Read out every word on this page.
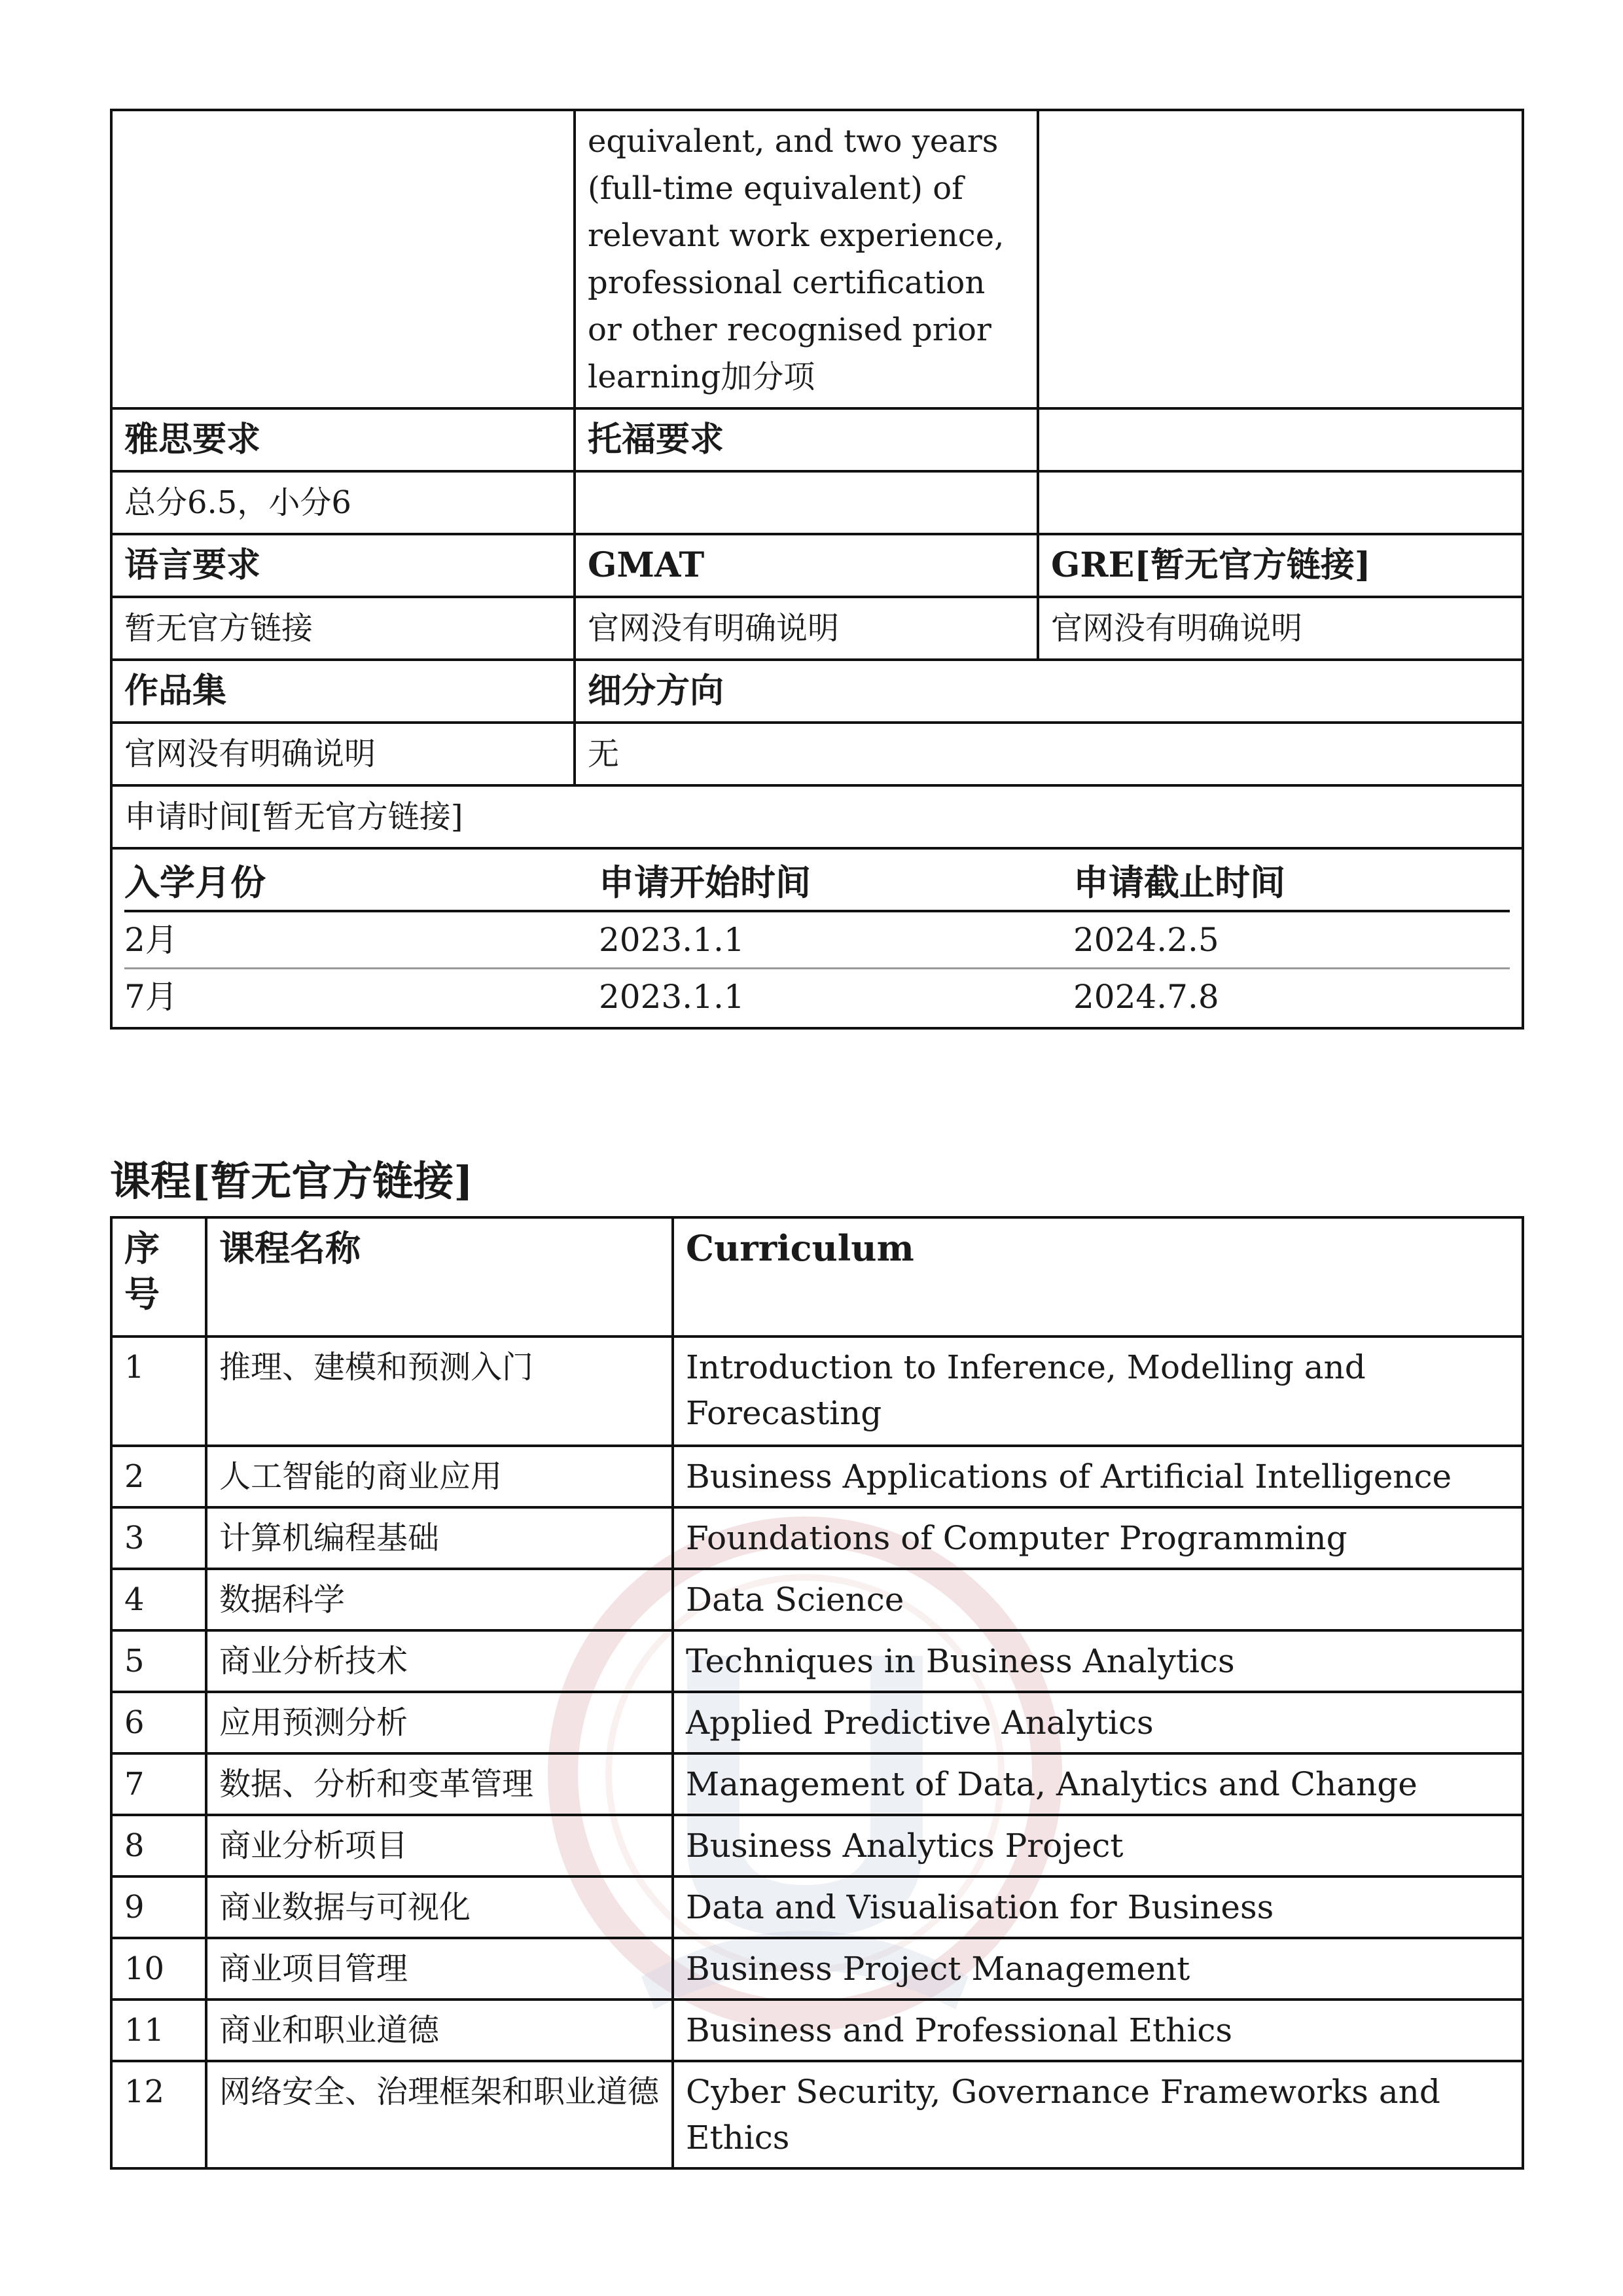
	equivalent, and two years (full-time equivalent) of relevant work experience, professional certification or other recognised prior learning加分项	
雅思要求	托福要求	
总分6.5，小分6		
语言要求	GMAT	GRE[暂无官方链接]
暂无官方链接	官网没有明确说明	官网没有明确说明
作品集	细分方向
官网没有明确说明	无
申请时间[暂无官方链接]

入学月份	申请开始时间	申请截止时间
2月	2023.1.1	2024.2.5
7月	2023.1.1	2024.7.8
课程[暂无官方链接]
序号	课程名称	Curriculum
1	推理、建模和预测入门	Introduction to Inference, Modelling and Forecasting
2	人工智能的商业应用	Business Applications of Artificial Intelligence
3	计算机编程基础	Foundations of Computer Programming
4	数据科学	Data Science
5	商业分析技术	Techniques in Business Analytics
6	应用预测分析	Applied Predictive Analytics
7	数据、分析和变革管理	Management of Data, Analytics and Change
8	商业分析项目	Business Analytics Project
9	商业数据与可视化	Data and Visualisation for Business
10	商业项目管理	Business Project Management
11	商业和职业道德	Business and Professional Ethics
12	网络安全、治理框架和职业道德	Cyber Security, Governance Frameworks and Ethics
